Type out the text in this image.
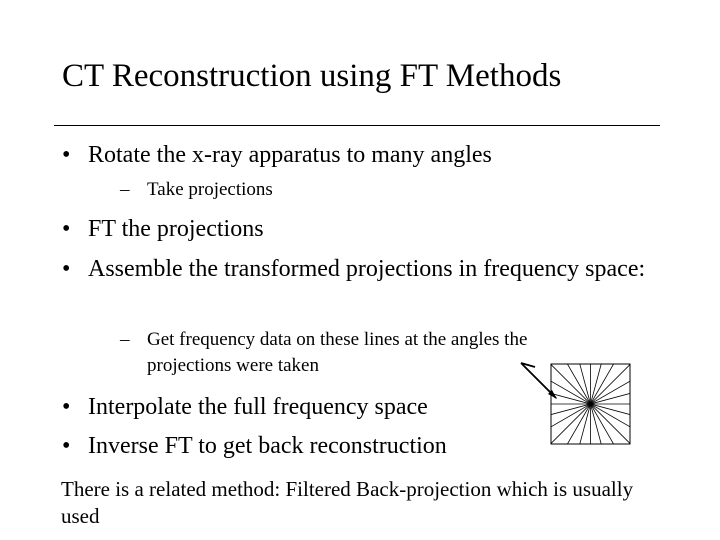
CT Reconstruction using FT Methods
• Rotate the x-ray apparatus to many angles
– Take projections
• FT the projections
• Assemble the transformed projections in frequency space:
– Get frequency data on these lines at the angles the projections were taken
• Interpolate the full frequency space
• Inverse FT to get back reconstruction
There is a related method: Filtered Back-projection which is usually used
